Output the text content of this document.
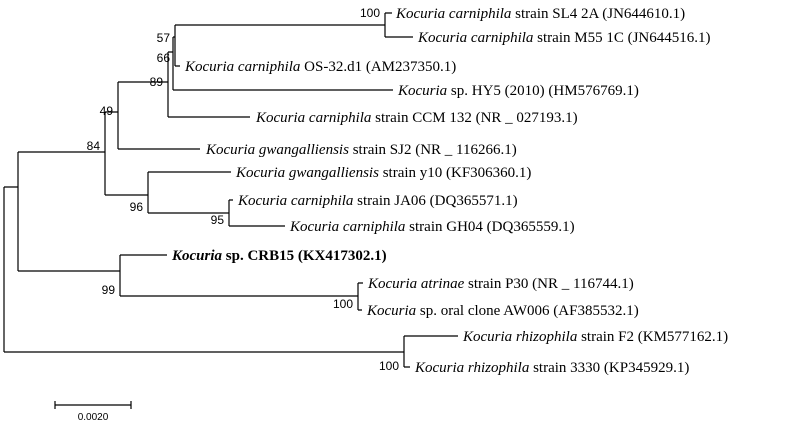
100
57
66
89
49
84
96
95
99
100
100
Kocuria carniphila strain SL4 2A (JN644610.1)
Kocuria carniphila strain M55 1C (JN644516.1)
Kocuria carniphila OS-32.d1 (AM237350.1)
Kocuria sp. HY5 (2010) (HM576769.1)
Kocuria carniphila strain CCM 132 (NR _ 027193.1)
Kocuria gwangalliensis strain SJ2 (NR _ 116266.1)
Kocuria gwangalliensis strain y10 (KF306360.1)
Kocuria carniphila strain JA06 (DQ365571.1)
Kocuria carniphila strain GH04 (DQ365559.1)
Kocuria sp. CRB15 (KX417302.1)
Kocuria atrinae strain P30 (NR _ 116744.1)
Kocuria sp. oral clone AW006 (AF385532.1)
Kocuria rhizophila strain F2 (KM577162.1)
Kocuria rhizophila strain 3330 (KP345929.1)
0.0020
